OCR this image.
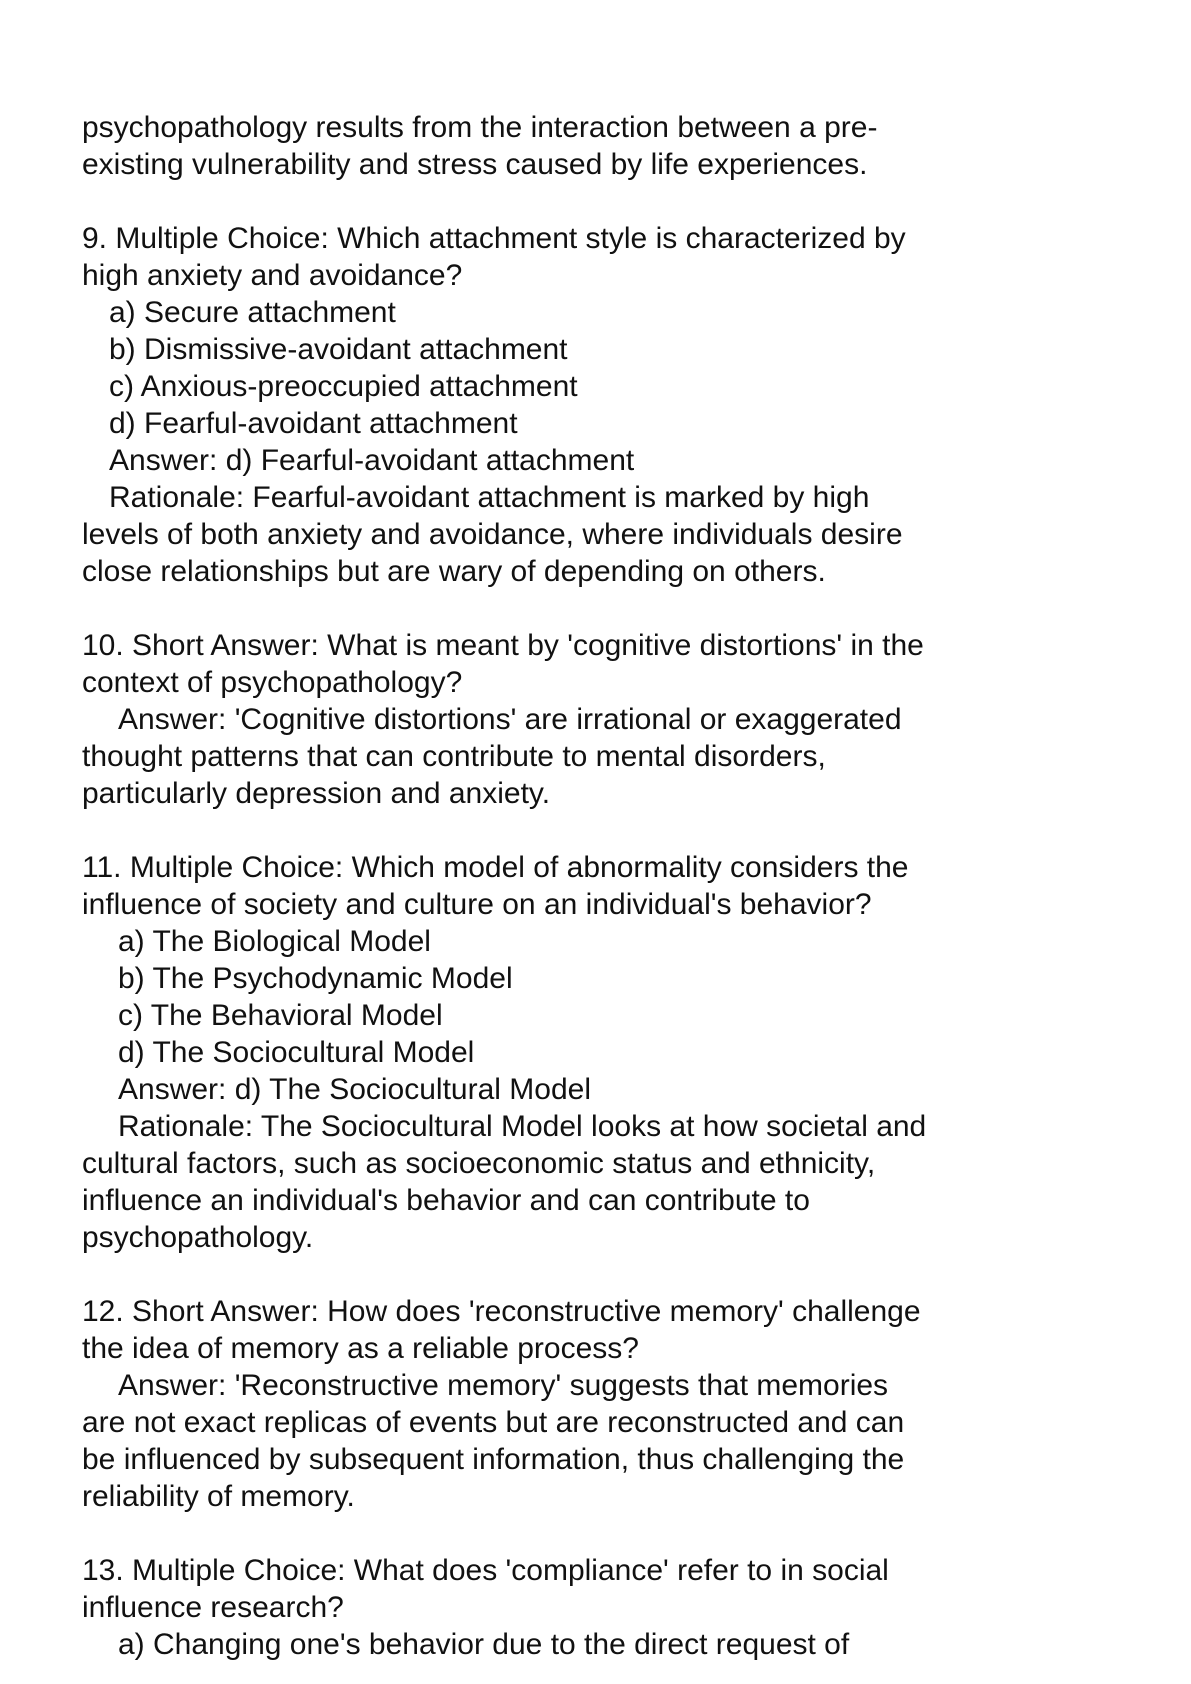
psychopathology results from the interaction between a pre-
existing vulnerability and stress caused by life experiences.
9. Multiple Choice: Which attachment style is characterized by
high anxiety and avoidance?
a) Secure attachment
b) Dismissive-avoidant attachment
c) Anxious-preoccupied attachment
d) Fearful-avoidant attachment
Answer: d) Fearful-avoidant attachment
Rationale: Fearful-avoidant attachment is marked by high
levels of both anxiety and avoidance, where individuals desire
close relationships but are wary of depending on others.
10. Short Answer: What is meant by 'cognitive distortions' in the
context of psychopathology?
Answer: 'Cognitive distortions' are irrational or exaggerated
thought patterns that can contribute to mental disorders,
particularly depression and anxiety.
11. Multiple Choice: Which model of abnormality considers the
influence of society and culture on an individual's behavior?
a) The Biological Model
b) The Psychodynamic Model
c) The Behavioral Model
d) The Sociocultural Model
Answer: d) The Sociocultural Model
Rationale: The Sociocultural Model looks at how societal and
cultural factors, such as socioeconomic status and ethnicity,
influence an individual's behavior and can contribute to
psychopathology.
12. Short Answer: How does 'reconstructive memory' challenge
the idea of memory as a reliable process?
Answer: 'Reconstructive memory' suggests that memories
are not exact replicas of events but are reconstructed and can
be influenced by subsequent information, thus challenging the
reliability of memory.
13. Multiple Choice: What does 'compliance' refer to in social
influence research?
a) Changing one's behavior due to the direct request of
